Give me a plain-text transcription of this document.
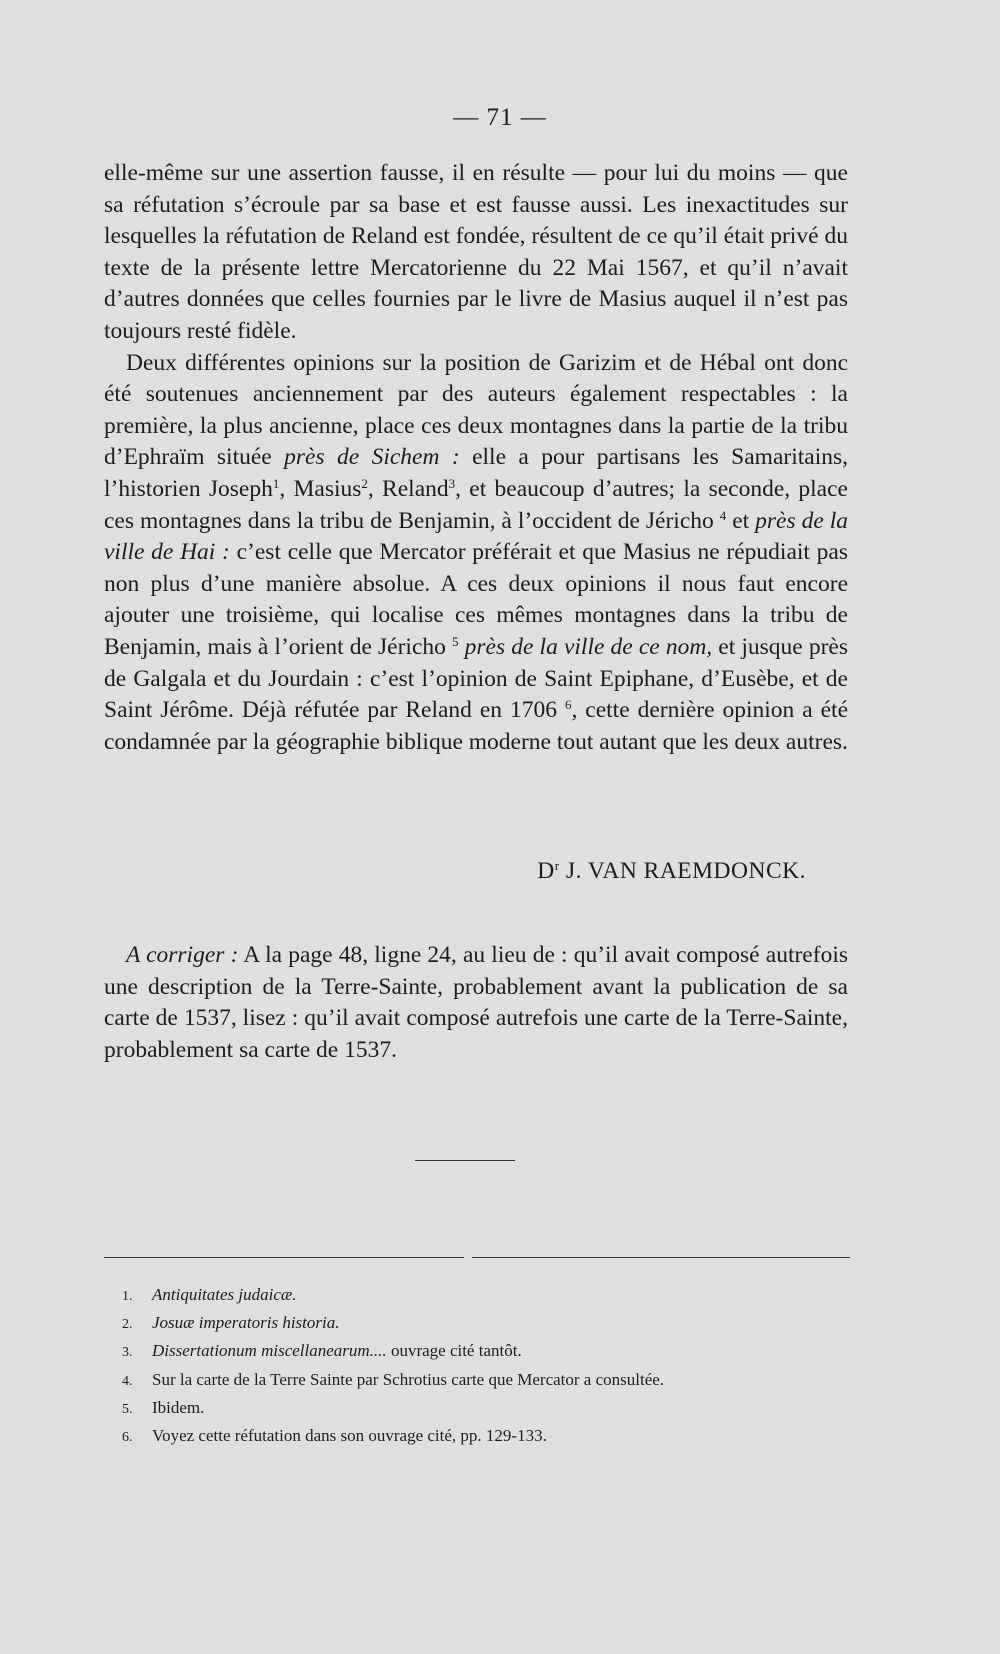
— 71 —

elle-même sur une assertion fausse, il en résulte — pour lui du moins — que sa réfutation s’écroule par sa base et est fausse aussi. Les inexactitudes sur lesquelles la réfutation de Reland est fondée, résultent de ce qu’il était privé du texte de la présente lettre Mercatorienne du 22 Mai 1567, et qu’il n’avait d’autres données que celles fournies par le livre de Masius auquel il n’est pas toujours resté fidèle.

Deux différentes opinions sur la position de Garizim et de Hébal ont donc été soutenues anciennement par des auteurs également respectables : la première, la plus ancienne, place ces deux montagnes dans la partie de la tribu d’Ephraïm située près de Sichem : elle a pour partisans les Samaritains, l’historien Joseph$^1$, Masius$^2$, Reland$^3$, et beaucoup d’autres; la seconde, place ces montagnes dans la tribu de Benjamin, à l’occident de Jéricho $^4$ et près de la ville de Hai : c’est celle que Mercator préférait et que Masius ne répudiait pas non plus d’une manière absolue. A ces deux opinions il nous faut encore ajouter une troisième, qui localise ces mêmes montagnes dans la tribu de Benjamin, mais à l’orient de Jéricho $^5$ près de la ville de ce nom, et jusque près de Galgala et du Jourdain : c’est l’opinion de Saint Epiphane, d’Eusèbe, et de Saint Jérôme. Déjà réfutée par Reland en 1706 $^6$, cette dernière opinion a été condamnée par la géographie biblique moderne tout autant que les deux autres.

$D^r$ J. VAN RAEMDONCK.

A corriger : A la page 48, ligne 24, au lieu de : qu’il avait composé autrefois une description de la Terre-Sainte, probablement avant la publication de sa carte de 1537, lisez : qu’il avait composé autrefois une carte de la Terre-Sainte, probablement sa carte de 1537.

1. Antiquitates judaicæ.
2. Josuæ imperatoris historia.
3. Dissertationum miscellanearum.... ouvrage cité tantôt.
4. Sur la carte de la Terre Sainte par Schrotius carte que Mercator a consultée.
5. Ibidem.
6. Voyez cette réfutation dans son ouvrage cité, pp. 129-133.
